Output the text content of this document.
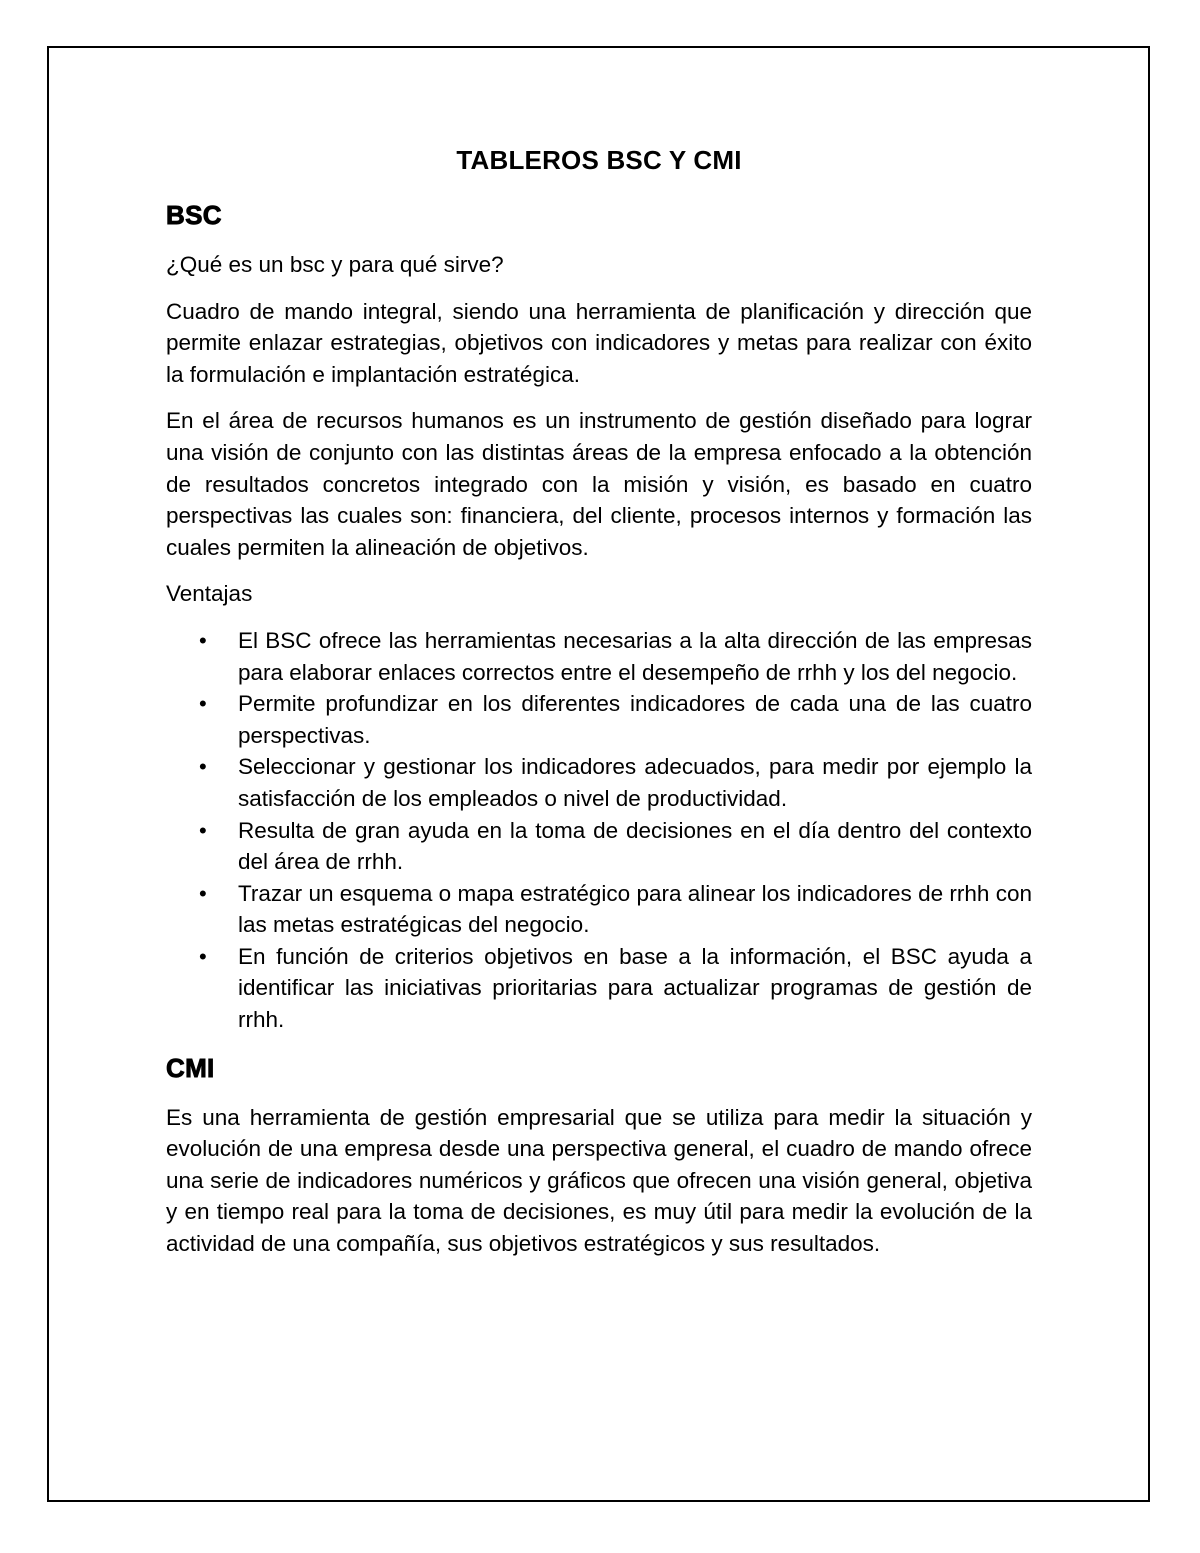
TABLEROS BSC Y CMI
BSC

¿Qué es un bsc y para qué sirve?

Cuadro de mando integral, siendo una herramienta de planificación y dirección que permite enlazar estrategias, objetivos con indicadores y metas para realizar con éxito la formulación e implantación estratégica.

En el área de recursos humanos es un instrumento de gestión diseñado para lograr una visión de conjunto con las distintas áreas de la empresa enfocado a la obtención de resultados concretos integrado con la misión y visión, es basado en cuatro perspectivas las cuales son: financiera, del cliente, procesos internos y formación las cuales permiten la alineación de objetivos.

Ventajas

• El BSC ofrece las herramientas necesarias a la alta dirección de las empresas para elaborar enlaces correctos entre el desempeño de rrhh y los del negocio.
• Permite profundizar en los diferentes indicadores de cada una de las cuatro perspectivas.
• Seleccionar y gestionar los indicadores adecuados, para medir por ejemplo la satisfacción de los empleados o nivel de productividad.
• Resulta de gran ayuda en la toma de decisiones en el día dentro del contexto del área de rrhh.
• Trazar un esquema o mapa estratégico para alinear los indicadores de rrhh con las metas estratégicas del negocio.
• En función de criterios objetivos en base a la información, el BSC ayuda a identificar las iniciativas prioritarias para actualizar programas de gestión de rrhh.
CMI

Es una herramienta de gestión empresarial que se utiliza para medir la situación y evolución de una empresa desde una perspectiva general, el cuadro de mando ofrece una serie de indicadores numéricos y gráficos que ofrecen una visión general, objetiva y en tiempo real para la toma de decisiones, es muy útil para medir la evolución de la actividad de una compañía, sus objetivos estratégicos y sus resultados.
